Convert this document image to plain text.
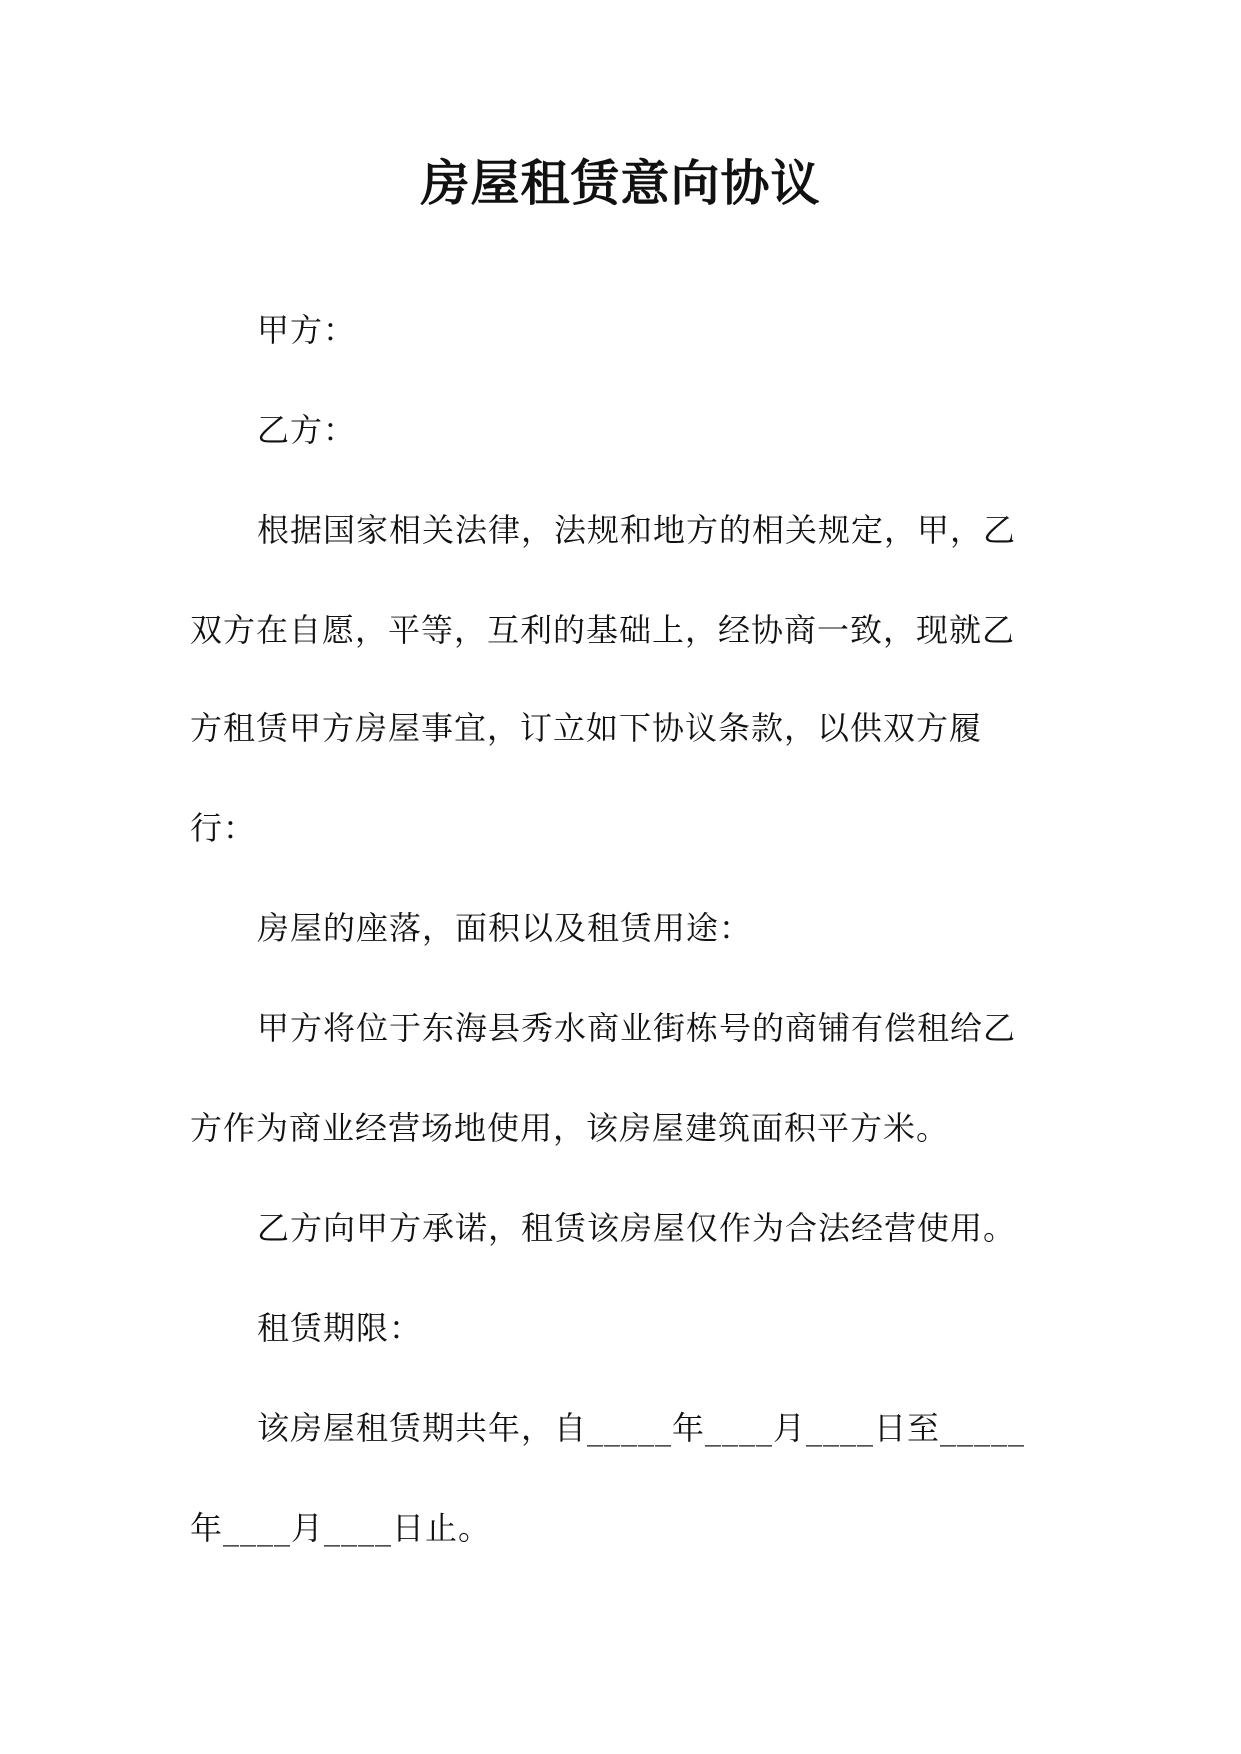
房屋租赁意向协议
甲方：
乙方：
根据国家相关法律，法规和地方的相关规定，甲，乙
双方在自愿，平等，互利的基础上，经协商一致，现就乙
方租赁甲方房屋事宜，订立如下协议条款，以供双方履
行：
房屋的座落，面积以及租赁用途：
甲方将位于东海县秀水商业街栋号的商铺有偿租给乙
方作为商业经营场地使用，该房屋建筑面积平方米。
乙方向甲方承诺，租赁该房屋仅作为合法经营使用。
租赁期限：
该房屋租赁期共年，自_____年____月____日至_____
年____月____日止。
